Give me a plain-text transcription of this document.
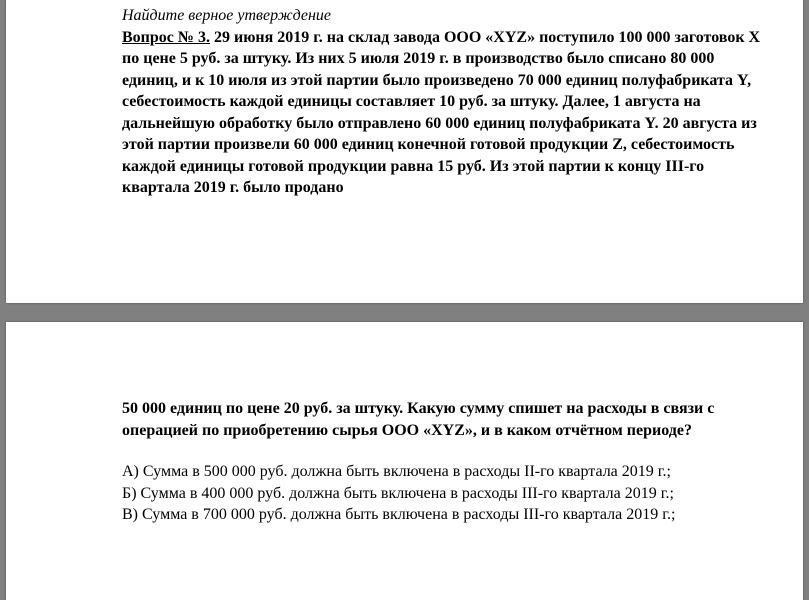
Найдите верное утверждение

Вопрос № 3. 29 июня 2019 г. на склад завода ООО «XYZ» поступило 100 000 заготовок X по цене 5 руб. за штуку. Из них 5 июля 2019 г. в производство было списано 80 000 единиц, и к 10 июля из этой партии было произведено 70 000 единиц полуфабриката Y, себестоимость каждой единицы составляет 10 руб. за штуку. Далее, 1 августа на дальнейшую обработку было отправлено 60 000 единиц полуфабриката Y. 20 августа из этой партии произвели 60 000 единиц конечной готовой продукции Z, себестоимость каждой единицы готовой продукции равна 15 руб. Из этой партии к концу III-го квартала 2019 г. было продано

50 000 единиц по цене 20 руб. за штуку. Какую сумму спишет на расходы в связи с операцией по приобретению сырья ООО «XYZ», и в каком отчётном периоде?

А) Сумма в 500 000 руб. должна быть включена в расходы II-го квартала 2019 г.;
Б) Сумма в 400 000 руб. должна быть включена в расходы III-го квартала 2019 г.;
В) Сумма в 700 000 руб. должна быть включена в расходы III-го квартала 2019 г.;
